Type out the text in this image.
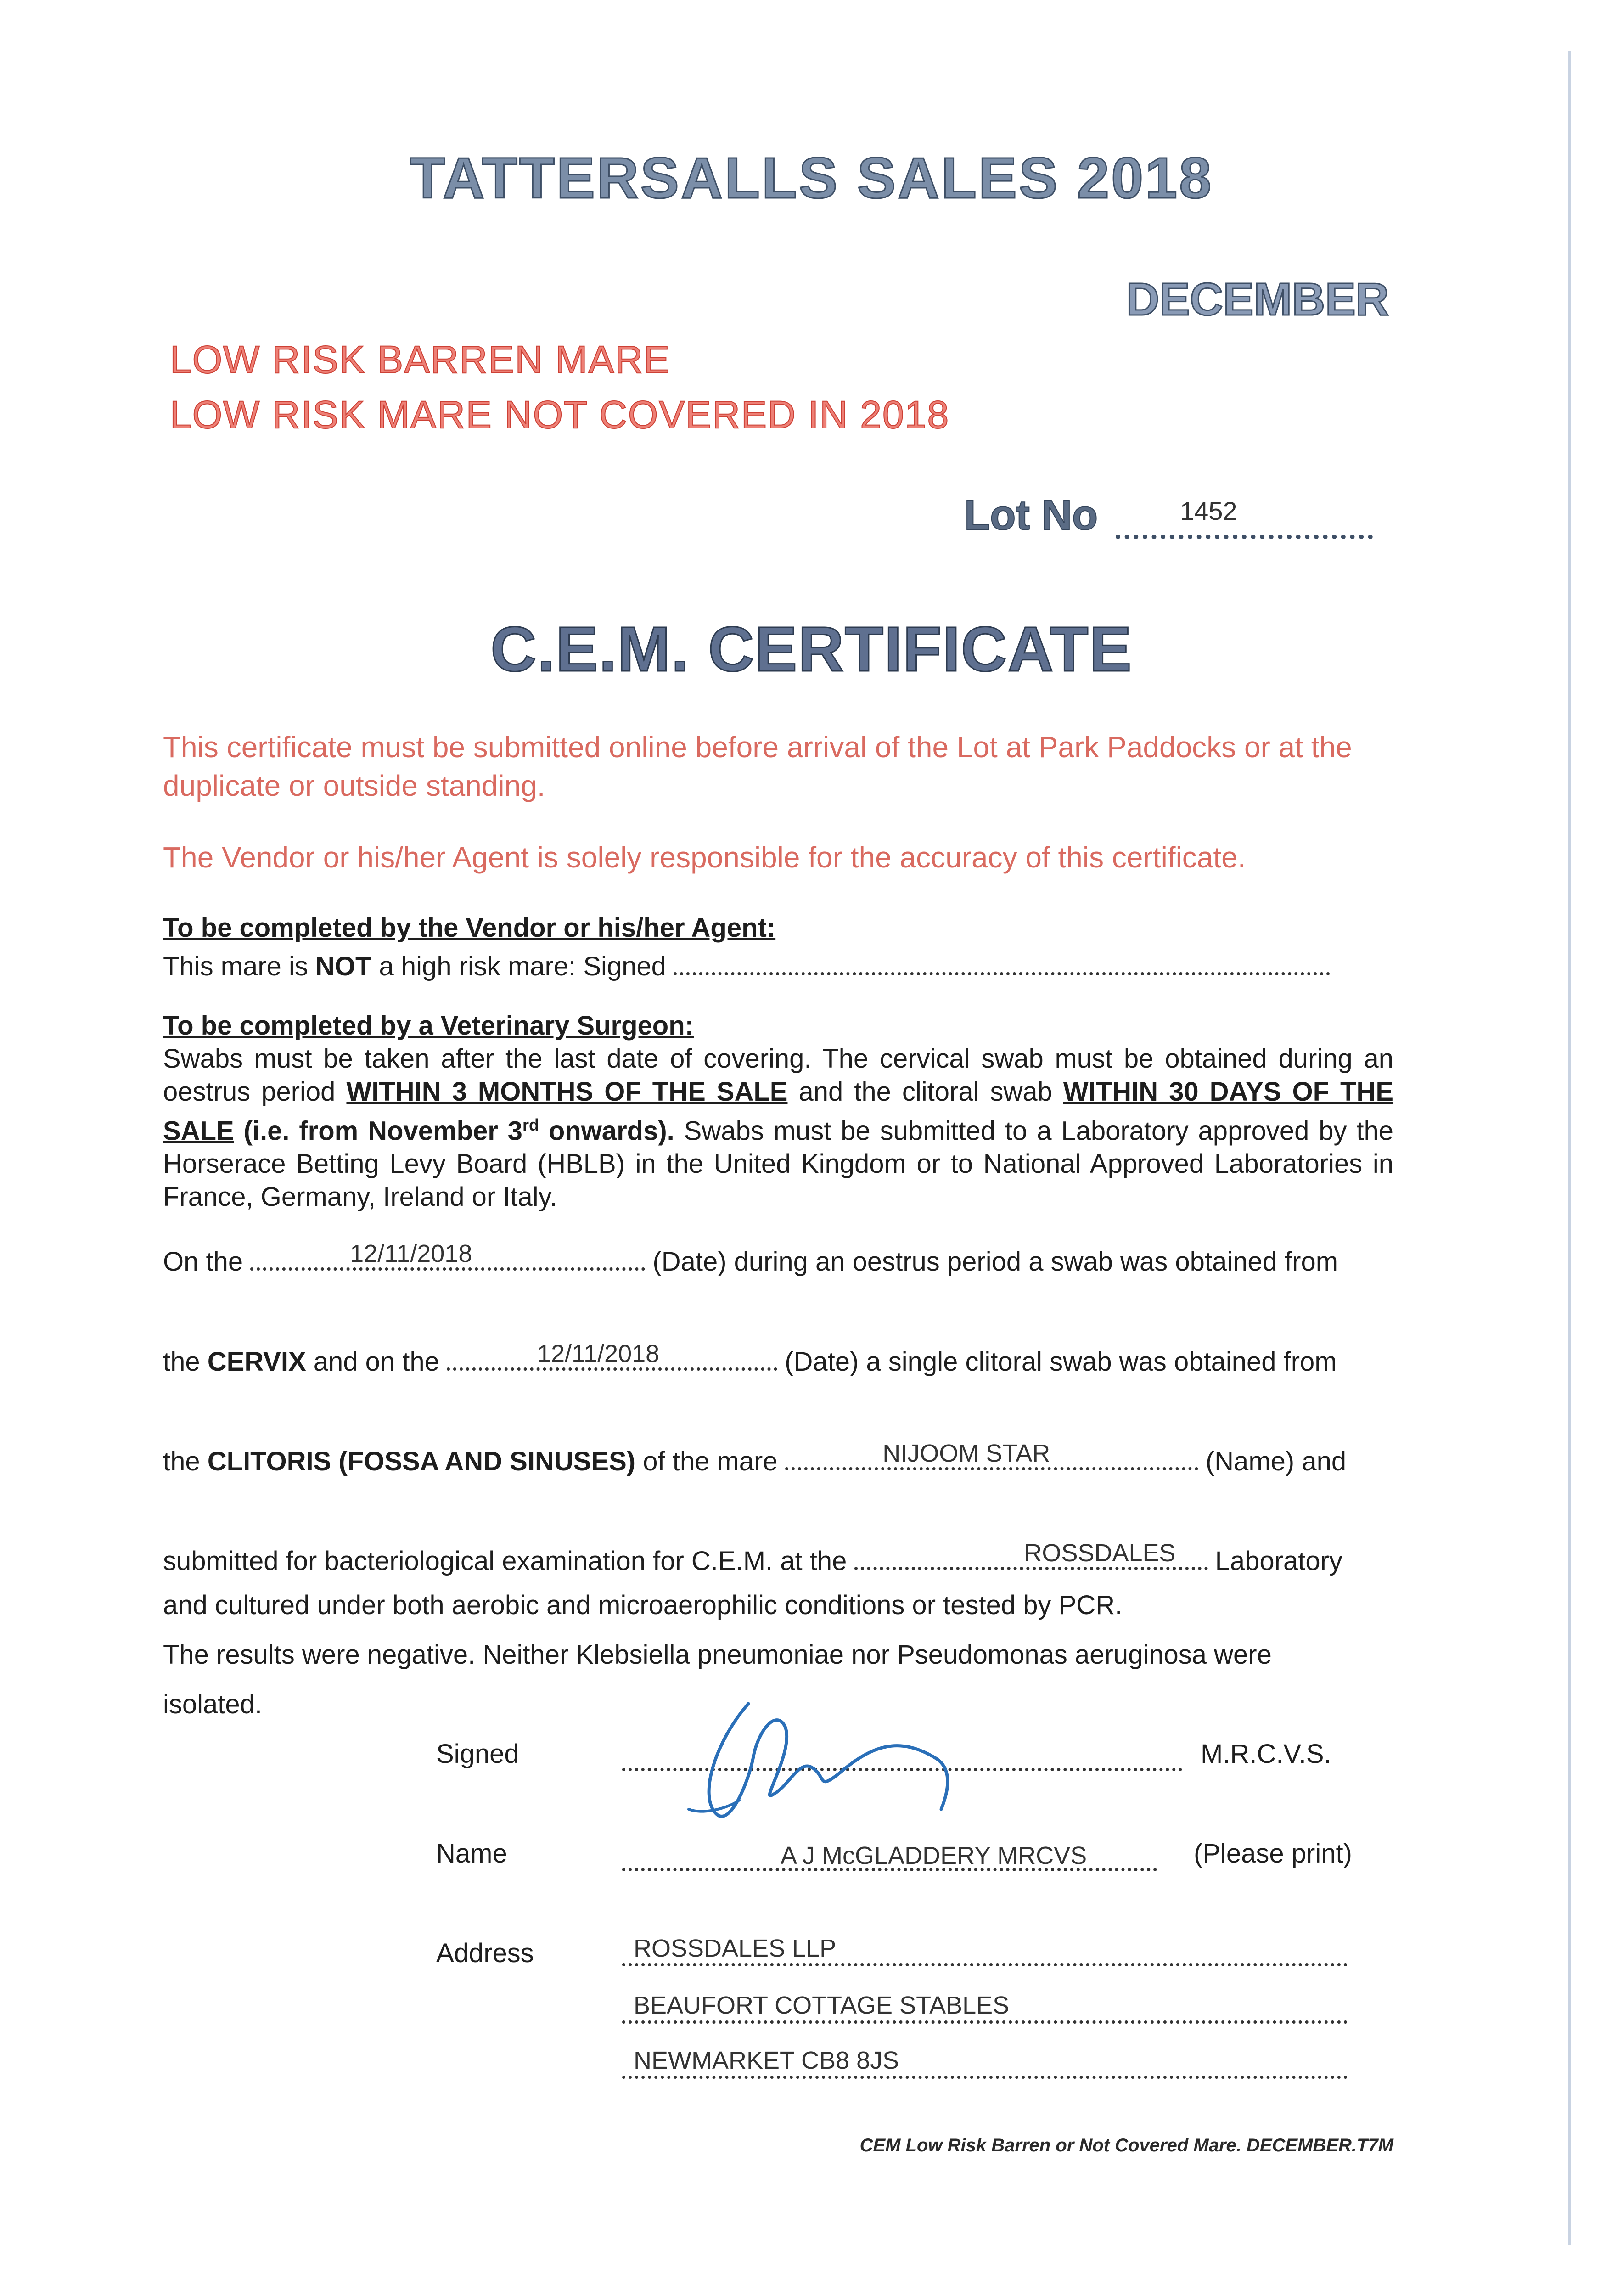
TATTERSALLS SALES 2018
DECEMBER
LOW RISK BARREN MARE
LOW RISK MARE NOT COVERED IN 2018
Lot No	1452
C.E.M. CERTIFICATE
This certificate must be submitted online before arrival of the Lot at Park Paddocks or at the duplicate or outside standing.
The Vendor or his/her Agent is solely responsible for the accuracy of this certificate.
To be completed by the Vendor or his/her Agent:
This mare is NOT a high risk mare: Signed
To be completed by a Veterinary Surgeon:
Swabs must be taken after the last date of covering. The cervical swab must be obtained during an oestrus period WITHIN 3 MONTHS OF THE SALE and the clitoral swab WITHIN 30 DAYS OF THE SALE (i.e. from November 3rd onwards). Swabs must be submitted to a Laboratory approved by the Horserace Betting Levy Board (HBLB) in the United Kingdom or to National Approved Laboratories in France, Germany, Ireland or Italy.
On the	12/11/2018	(Date) during an oestrus period a swab was obtained from
the CERVIX and on the	12/11/2018	(Date) a single clitoral swab was obtained from
the CLITORIS (FOSSA AND SINUSES) of the mare	NIJOOM STAR	(Name) and
submitted for bacteriological examination for C.E.M. at the	ROSSDALES	Laboratory
and cultured under both aerobic and microaerophilic conditions or tested by PCR.
The results were negative. Neither Klebsiella pneumoniae nor Pseudomonas aeruginosa were
isolated.
Signed	M.R.C.V.S.
Name	A J McGLADDERY MRCVS	(Please print)
Address	ROSSDALES LLP
BEAUFORT COTTAGE STABLES
NEWMARKET CB8 8JS
CEM Low Risk Barren or Not Covered Mare. DECEMBER.T7M
